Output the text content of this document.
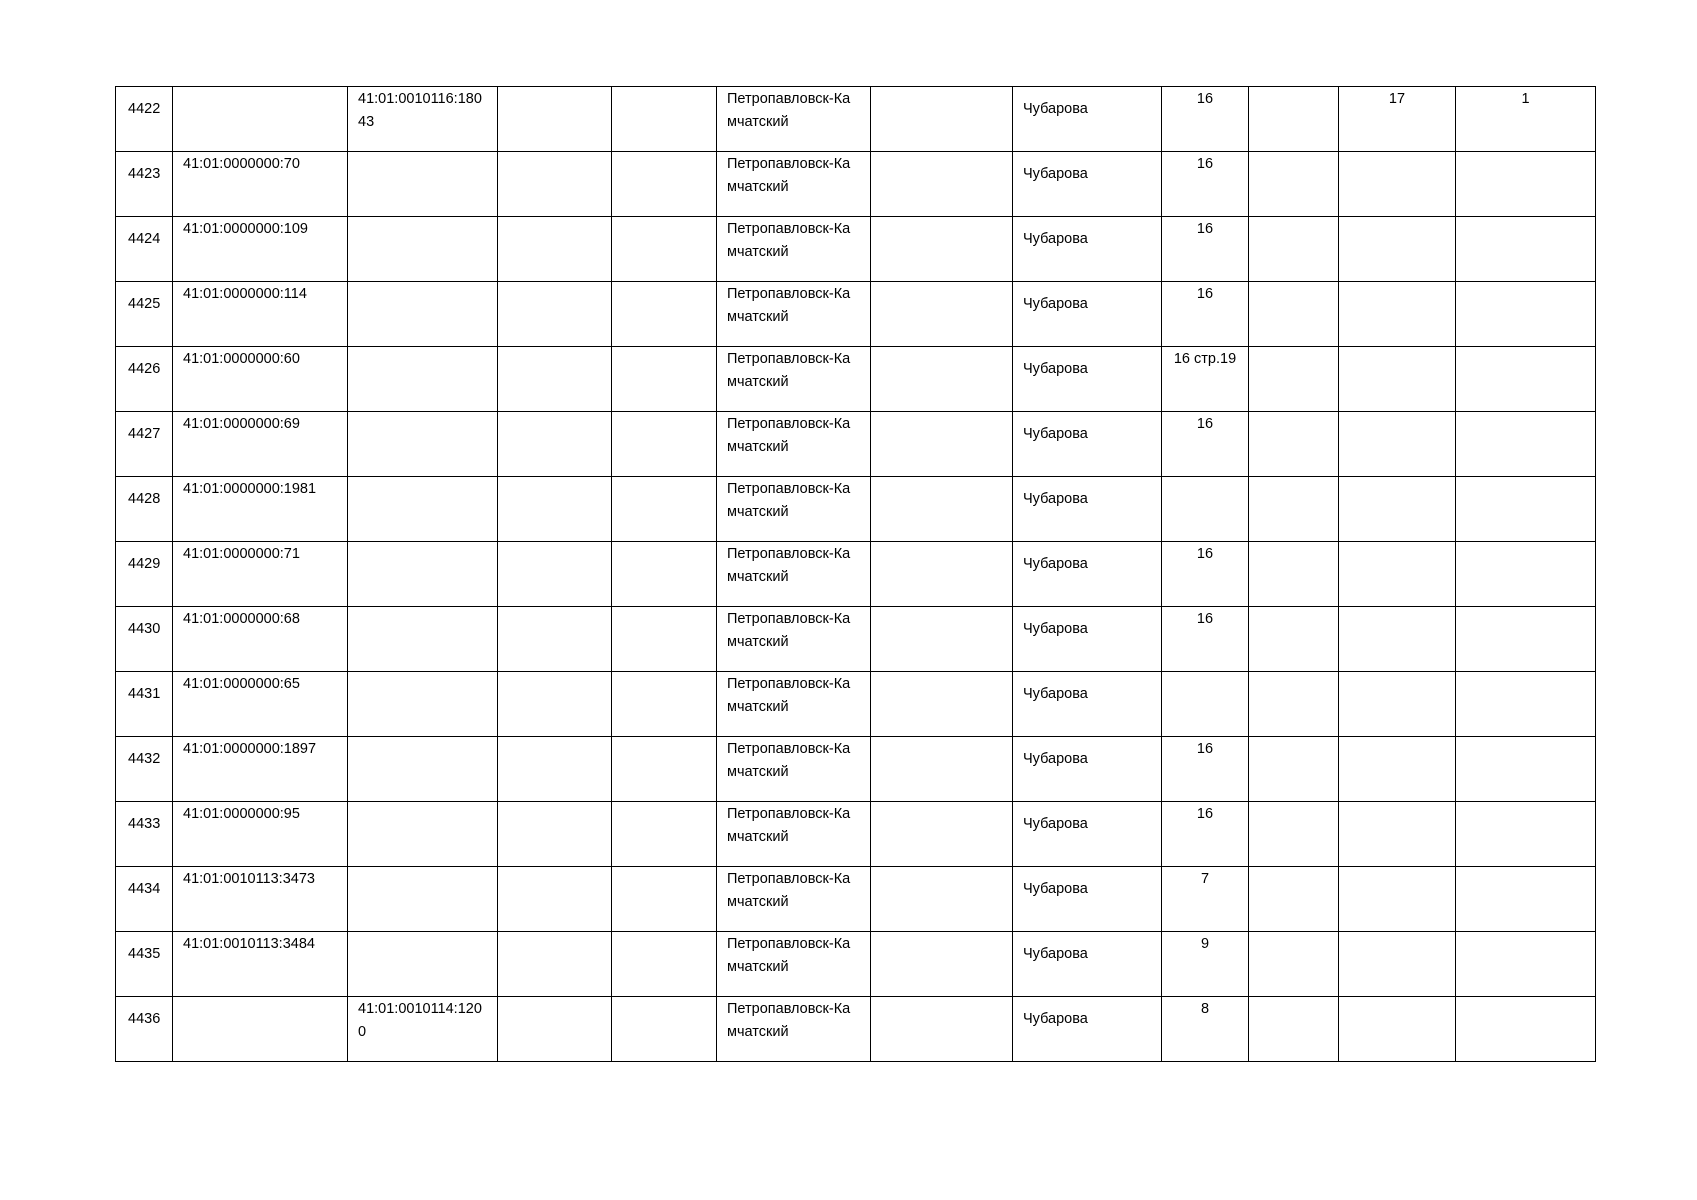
4422		41:01:0010116:18043			Петропавловск-Камчатский		Чубарова	16		17	1

4423	41:01:0000000:70				Петропавловск-Камчатский		Чубарова	16			

4424	41:01:0000000:109				Петропавловск-Камчатский		Чубарова	16			

4425	41:01:0000000:114				Петропавловск-Камчатский		Чубарова	16			

4426	41:01:0000000:60				Петропавловск-Камчатский		Чубарова	16 стр.19			

4427	41:01:0000000:69				Петропавловск-Камчатский		Чубарова	16			

4428	41:01:0000000:1981				Петропавловск-Камчатский		Чубарова				

4429	41:01:0000000:71				Петропавловск-Камчатский		Чубарова	16			

4430	41:01:0000000:68				Петропавловск-Камчатский		Чубарова	16			

4431	41:01:0000000:65				Петропавловск-Камчатский		Чубарова				

4432	41:01:0000000:1897				Петропавловск-Камчатский		Чубарова	16			

4433	41:01:0000000:95				Петропавловск-Камчатский		Чубарова	16			

4434	41:01:0010113:3473				Петропавловск-Камчатский		Чубарова	7			

4435	41:01:0010113:3484				Петропавловск-Камчатский		Чубарова	9			

4436		41:01:0010114:1200			Петропавловск-Камчатский		Чубарова	8			
